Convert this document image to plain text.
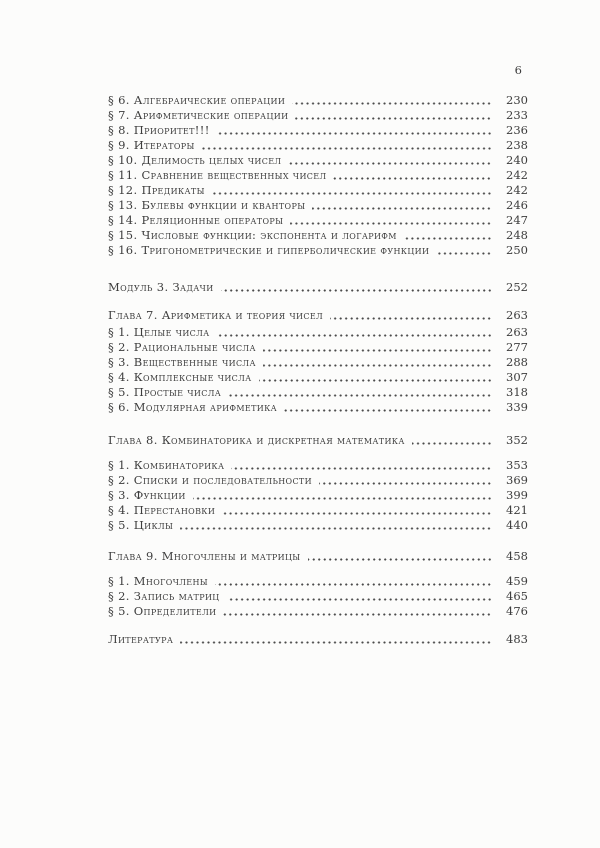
6
§ 6. Алгебраические операции	230
§ 7. Арифметические операции	233
§ 8. Приоритет!!!	236
§ 9. Итераторы	238
§ 10. Делимость целых чисел	240
§ 11. Сравнение вещественных чисел	242
§ 12. Предикаты	242
§ 13. Булевы функции и кванторы	246
§ 14. Реляционные операторы	247
§ 15. Числовые функции: экспонента и логарифм	248
§ 16. Тригонометрические и гиперболические функции	250
Модуль 3. Задачи	252
Глава 7. Арифметика и теория чисел	263
§ 1. Целые числа	263
§ 2. Рациональные числа	277
§ 3. Вещественные числа	288
§ 4. Комплексные числа	307
§ 5. Простые числа	318
§ 6. Модулярная арифметика	339
Глава 8. Комбинаторика и дискретная математика	352
§ 1. Комбинаторика	353
§ 2. Списки и последовательности	369
§ 3. Функции	399
§ 4. Перестановки	421
§ 5. Циклы	440
Глава 9. Многочлены и матрицы	458
§ 1. Многочлены	459
§ 2. Запись матриц	465
§ 5. Определители	476
Литература	483
